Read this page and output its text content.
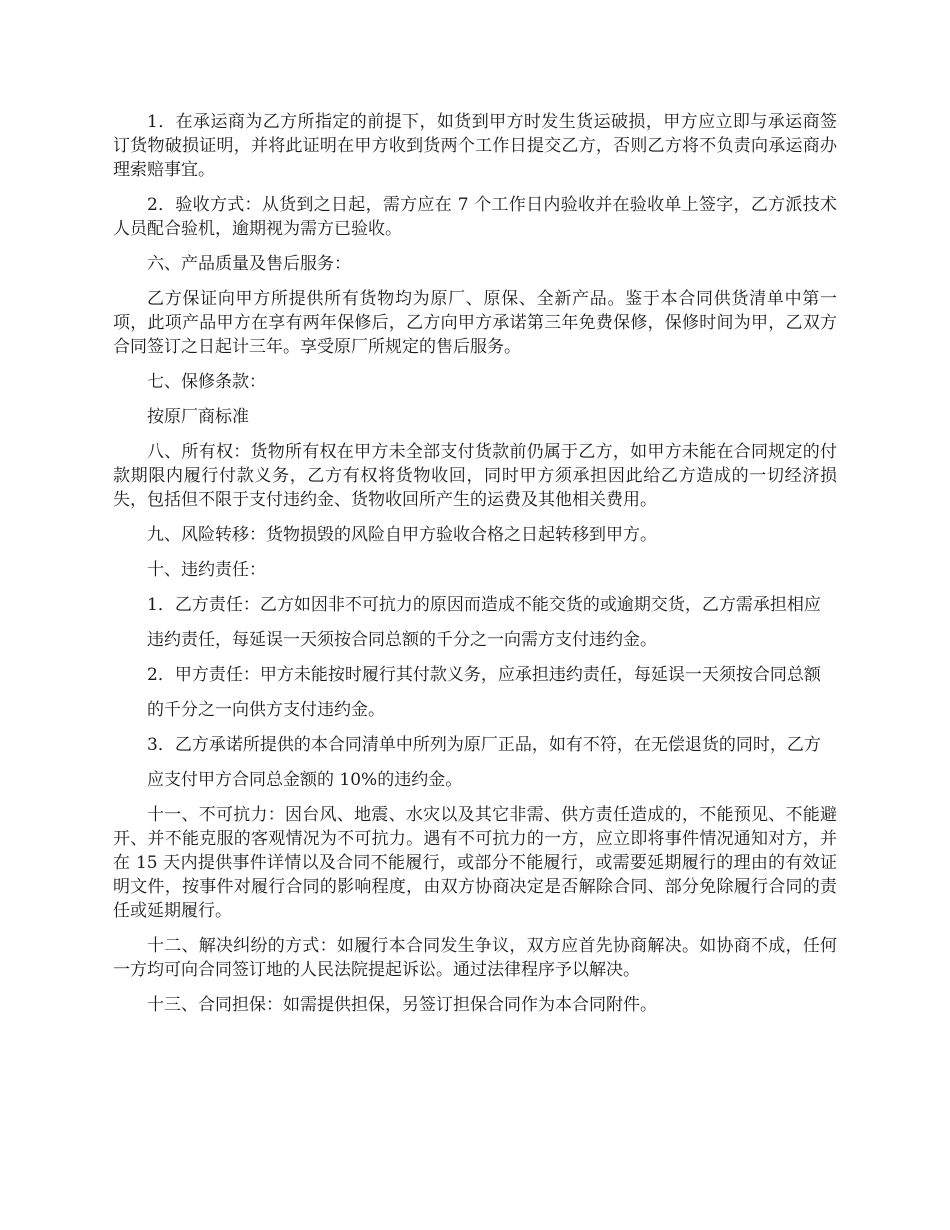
1．在承运商为乙方所指定的前提下，如货到甲方时发生货运破损，甲方应立即与承运商签订货物破损证明，并将此证明在甲方收到货两个工作日提交乙方，否则乙方将不负责向承运商办理索赔事宜。

2．验收方式：从货到之日起，需方应在 7 个工作日内验收并在验收单上签字，乙方派技术人员配合验机，逾期视为需方已验收。

六、产品质量及售后服务：

乙方保证向甲方所提供所有货物均为原厂、原保、全新产品。鉴于本合同供货清单中第一项，此项产品甲方在享有两年保修后，乙方向甲方承诺第三年免费保修，保修时间为甲，乙双方合同签订之日起计三年。享受原厂所规定的售后服务。

七、保修条款：

按原厂商标准

八、所有权：货物所有权在甲方未全部支付货款前仍属于乙方，如甲方未能在合同规定的付款期限内履行付款义务，乙方有权将货物收回，同时甲方须承担因此给乙方造成的一切经济损失，包括但不限于支付违约金、货物收回所产生的运费及其他相关费用。

九、风险转移：货物损毁的风险自甲方验收合格之日起转移到甲方。

十、违约责任：

1．乙方责任：乙方如因非不可抗力的原因而造成不能交货的或逾期交货，乙方需承担相应

违约责任，每延误一天须按合同总额的千分之一向需方支付违约金。

2．甲方责任：甲方未能按时履行其付款义务，应承担违约责任，每延误一天须按合同总额

的千分之一向供方支付违约金。

3．乙方承诺所提供的本合同清单中所列为原厂正品，如有不符，在无偿退货的同时，乙方

应支付甲方合同总金额的 10%的违约金。

十一、不可抗力：因台风、地震、水灾以及其它非需、供方责任造成的，不能预见、不能避开、并不能克服的客观情况为不可抗力。遇有不可抗力的一方，应立即将事件情况通知对方，并在 15 天内提供事件详情以及合同不能履行，或部分不能履行，或需要延期履行的理由的有效证明文件，按事件对履行合同的影响程度，由双方协商决定是否解除合同、部分免除履行合同的责任或延期履行。

十二、解决纠纷的方式：如履行本合同发生争议，双方应首先协商解决。如协商不成，任何一方均可向合同签订地的人民法院提起诉讼。通过法律程序予以解决。

十三、合同担保：如需提供担保，另签订担保合同作为本合同附件。
